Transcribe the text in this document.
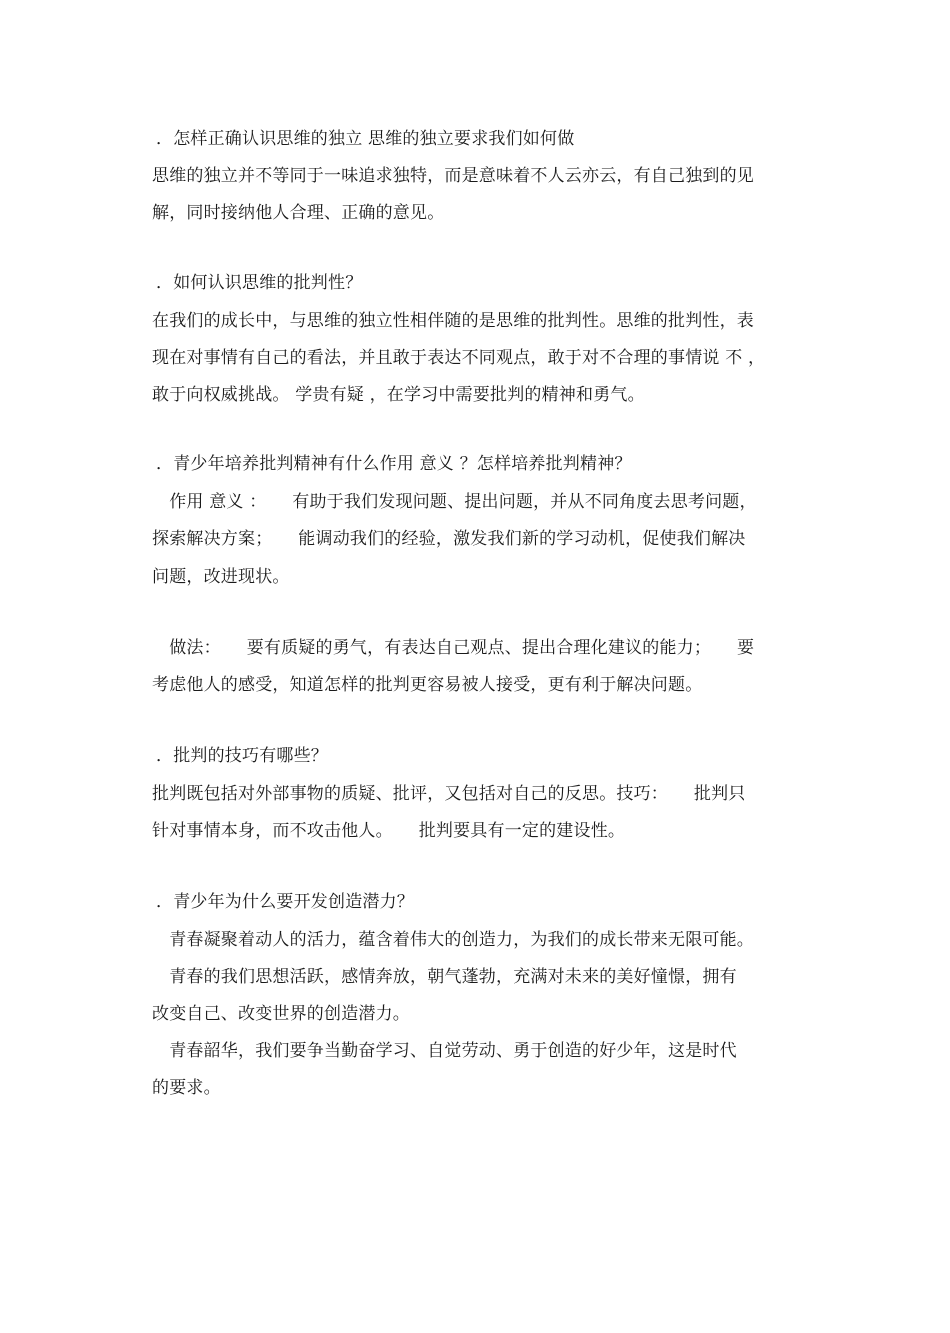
．怎样正确认识思维的独立 思维的独立要求我们如何做
思维的独立并不等同于一味追求独特，而是意味着不人云亦云，有自己独到的见
解，同时接纳他人合理、正确的意见。
．如何认识思维的批判性？
在我们的成长中，与思维的独立性相伴随的是思维的批判性。思维的批判性，表
现在对事情有自己的看法，并且敢于表达不同观点，敢于对不合理的事情说 不 ，
敢于向权威挑战。 学贵有疑 ，在学习中需要批判的精神和勇气。
．青少年培养批判精神有什么作用 意义 ？怎样培养批判精神？
　作用 意义 ：　　有助于我们发现问题、提出问题，并从不同角度去思考问题，
探索解决方案；　　能调动我们的经验，激发我们新的学习动机，促使我们解决
问题，改进现状。
　做法：　　要有质疑的勇气，有表达自己观点、提出合理化建议的能力；　　要
考虑他人的感受，知道怎样的批判更容易被人接受，更有利于解决问题。
．批判的技巧有哪些？
批判既包括对外部事物的质疑、批评，又包括对自己的反思。技巧：　　批判只
针对事情本身，而不攻击他人。　　批判要具有一定的建设性。
．青少年为什么要开发创造潜力？
　青春凝聚着动人的活力，蕴含着伟大的创造力，为我们的成长带来无限可能。
　青春的我们思想活跃，感情奔放，朝气蓬勃，充满对未来的美好憧憬，拥有
改变自己、改变世界的创造潜力。
　青春韶华，我们要争当勤奋学习、自觉劳动、勇于创造的好少年，这是时代
的要求。
